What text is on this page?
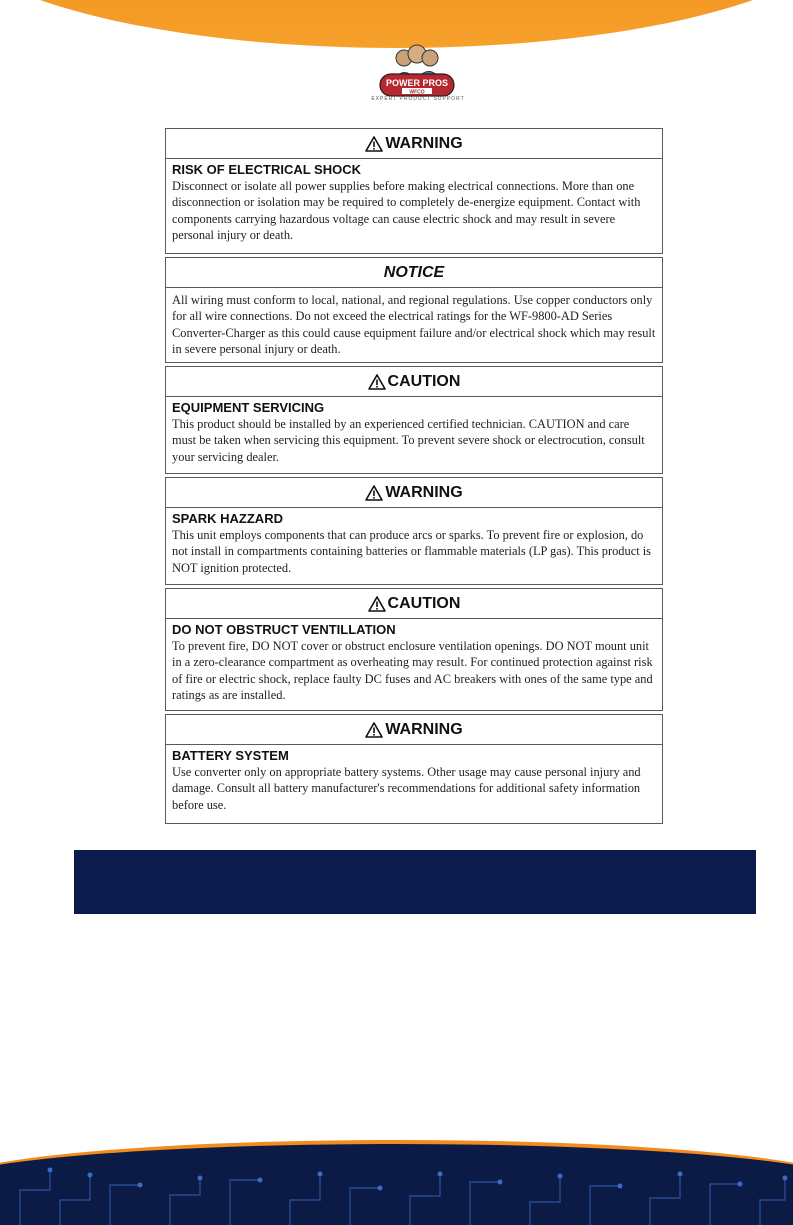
POWER PROS
WFCO
EXPERT PRODUCT SUPPORT
WARNING
RISK OF ELECTRICAL SHOCK
Disconnect or isolate all power supplies before making electrical connections. More than one disconnection or isolation may be required to completely de-energize equipment. Contact with components carrying hazardous voltage can cause electric shock and may result in severe personal injury or death.
NOTICE
All wiring must conform to local, national, and regional regulations. Use copper conductors only for all wire connections. Do not exceed the electrical ratings for the WF-9800-AD Series Converter-Charger as this could cause equipment failure and/or electrical shock which may result in severe personal injury or death.
CAUTION
EQUIPMENT SERVICING
This product should be installed by an experienced certified technician. CAUTION and care must be taken when servicing this equipment. To prevent severe shock or electrocution, consult your servicing dealer.
WARNING
SPARK HAZZARD
This unit employs components that can produce arcs or sparks. To prevent fire or explosion, do not install in compartments containing batteries or flammable materials (LP gas). This product is NOT ignition protected.
CAUTION
DO NOT OBSTRUCT VENTILLATION
To prevent fire, DO NOT cover or obstruct enclosure ventilation openings. DO NOT mount unit in a zero-clearance compartment as overheating may result. For continued protection against risk of fire or electric shock, replace faulty DC fuses and AC breakers with ones of the same type and ratings as are installed.
WARNING
BATTERY SYSTEM
Use converter only on appropriate battery systems. Other usage may cause personal injury and damage. Consult all battery manufacturer's recommendations for additional safety information before use.
